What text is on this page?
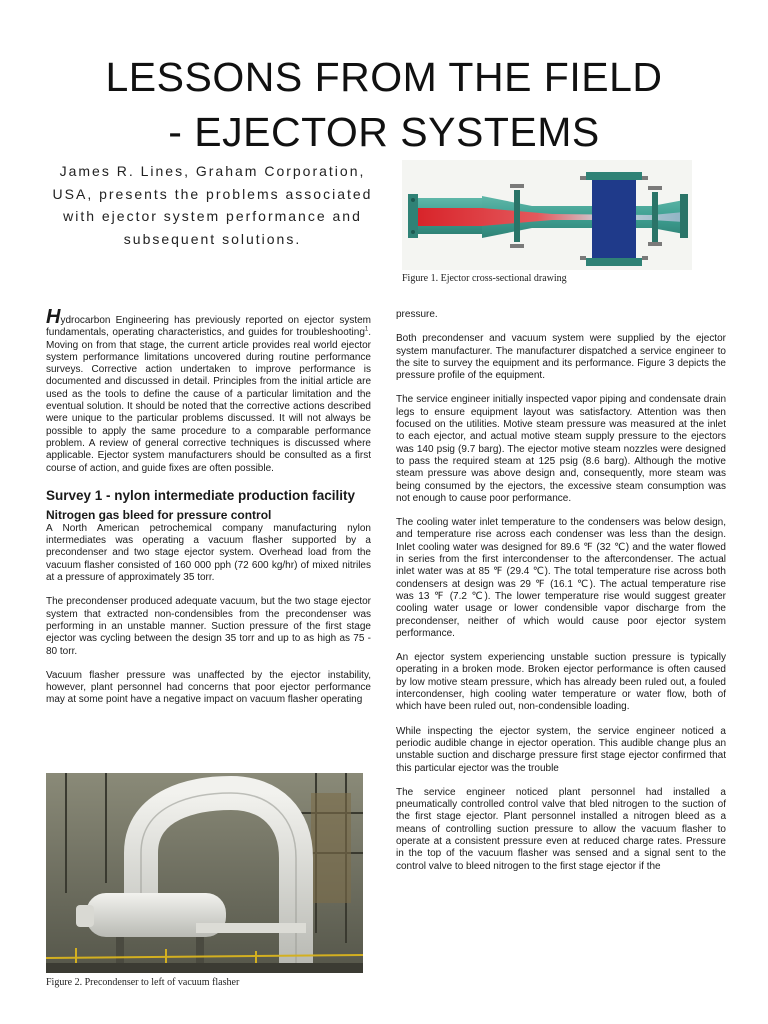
LESSONS FROM THE FIELD
- EJECTOR SYSTEMS

James R. Lines, Graham Corporation, USA, presents the problems associated with ejector system performance and subsequent solutions.

Figure 1. Ejector cross-sectional drawing

Hydrocarbon Engineering has previously reported on ejector system fundamentals, operating characteristics, and guides for troubleshooting$^1$. Moving on from that stage, the current article provides real world ejector system performance limitations uncovered during routine performance surveys. Corrective action undertaken to improve performance is documented and discussed in detail. Principles from the initial article are used as the tools to define the cause of a particular limitation and the eventual solution. It should be noted that the corrective actions described were unique to the particular problems discussed. It will not always be possible to apply the same procedure to a comparable performance problem. A review of general corrective techniques is discussed where applicable. Ejector system manufacturers should be consulted as a first course of action, and guide fixes are often possible.

Survey 1 - nylon intermediate production facility
Nitrogen gas bleed for pressure control

A North American petrochemical company manufacturing nylon intermediates was operating a vacuum flasher supported by a precondenser and two stage ejector system. Overhead load from the vacuum flasher consisted of 160 000 pph (72 600 kg/hr) of mixed nitriles at a pressure of approximately 35 torr.

The precondenser produced adequate vacuum, but the two stage ejector system that extracted non-condensibles from the precondenser was performing in an unstable manner. Suction pressure of the first stage ejector was cycling between the design 35 torr and up to as high as 75 - 80 torr.

Vacuum flasher pressure was unaffected by the ejector instability, however, plant personnel had concerns that poor ejector performance may at some point have a negative impact on vacuum flasher operating

Figure 2. Precondenser to left of vacuum flasher

pressure.

Both precondenser and vacuum system were supplied by the ejector system manufacturer. The manufacturer dispatched a service engineer to the site to survey the equipment and its performance. Figure 3 depicts the pressure profile of the equipment.

The service engineer initially inspected vapor piping and condensate drain legs to ensure equipment layout was satisfactory. Attention was then focused on the utilities. Motive steam pressure was measured at the inlet to each ejector, and actual motive steam supply pressure to the ejectors was 140 psig (9.7 barg). The ejector motive steam nozzles were designed to pass the required steam at 125 psig (8.6 barg). Although the motive steam pressure was above design and, consequently, more steam was being consumed by the ejectors, the excessive steam consumption was not enough to cause poor performance.

The cooling water inlet temperature to the condensers was below design, and temperature rise across each condenser was less than the design. Inlet cooling water was designed for 89.6 ℉ (32 ℃) and the water flowed in series from the first intercondenser to the aftercondenser. The actual inlet water was at 85 ℉ (29.4 ℃). The total temperature rise across both condensers at design was 29 ℉ (16.1 ℃). The actual temperature rise was 13 ℉ (7.2 ℃). The lower temperature rise would suggest greater cooling water usage or lower condensible vapor discharge from the precondenser, neither of which would cause poor ejector system performance.

An ejector system experiencing unstable suction pressure is typically operating in a broken mode. Broken ejector performance is often caused by low motive steam pressure, which has already been ruled out, a fouled intercondenser, high cooling water temperature or water flow, both of which have been ruled out, non-condensible loading.

While inspecting the ejector system, the service engineer noticed a periodic audible change in ejector operation. This audible change plus an unstable suction and discharge pressure first stage ejector confirmed that this particular ejector was the trouble

The service engineer noticed plant personnel had installed a pneumatically controlled control valve that bled nitrogen to the suction of the first stage ejector. Plant personnel installed a nitrogen bleed as a means of controlling suction pressure to allow the vacuum flasher to operate at a consistent pressure even at reduced charge rates. Pressure in the top of the vacuum flasher was sensed and a signal sent to the control valve to bleed nitrogen to the first stage ejector if the
